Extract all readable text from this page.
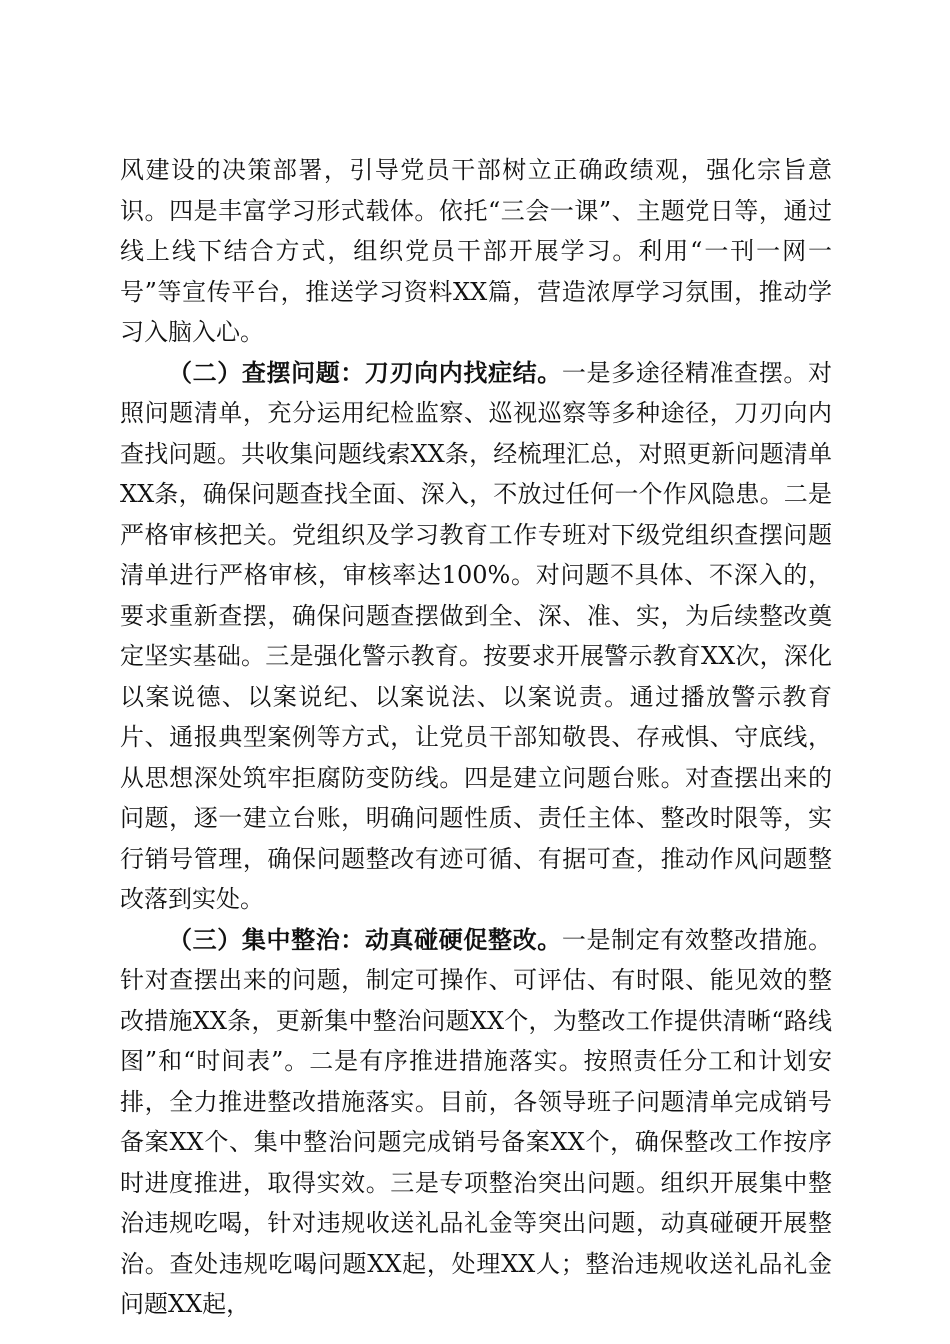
风建设的决策部署，引导党员干部树立正确政绩观，强化宗旨意识。四是丰富学习形式载体。依托“三会一课”、主题党日等，通过线上线下结合方式，组织党员干部开展学习。利用“一刊一网一号”等宣传平台，推送学习资料XX篇，营造浓厚学习氛围，推动学习入脑入心。

（二）查摆问题：刀刃向内找症结。一是多途径精准查摆。对照问题清单，充分运用纪检监察、巡视巡察等多种途径，刀刃向内查找问题。共收集问题线索XX条，经梳理汇总，对照更新问题清单XX条，确保问题查找全面、深入，不放过任何一个作风隐患。二是严格审核把关。党组织及学习教育工作专班对下级党组织查摆问题清单进行严格审核，审核率达100%。对问题不具体、不深入的，要求重新查摆，确保问题查摆做到全、深、准、实，为后续整改奠定坚实基础。三是强化警示教育。按要求开展警示教育XX次，深化以案说德、以案说纪、以案说法、以案说责。通过播放警示教育片、通报典型案例等方式，让党员干部知敬畏、存戒惧、守底线，从思想深处筑牢拒腐防变防线。四是建立问题台账。对查摆出来的问题，逐一建立台账，明确问题性质、责任主体、整改时限等，实行销号管理，确保问题整改有迹可循、有据可查，推动作风问题整改落到实处。

（三）集中整治：动真碰硬促整改。一是制定有效整改措施。针对查摆出来的问题，制定可操作、可评估、有时限、能见效的整改措施XX条，更新集中整治问题XX个，为整改工作提供清晰“路线图”和“时间表”。二是有序推进措施落实。按照责任分工和计划安排，全力推进整改措施落实。目前，各领导班子问题清单完成销号备案XX个、集中整治问题完成销号备案XX个，确保整改工作按序时进度推进，取得实效。三是专项整治突出问题。组织开展集中整治违规吃喝，针对违规收送礼品礼金等突出问题，动真碰硬开展整治。查处违规吃喝问题XX起，处理XX人；整治违规收送礼品礼金问题XX起，
